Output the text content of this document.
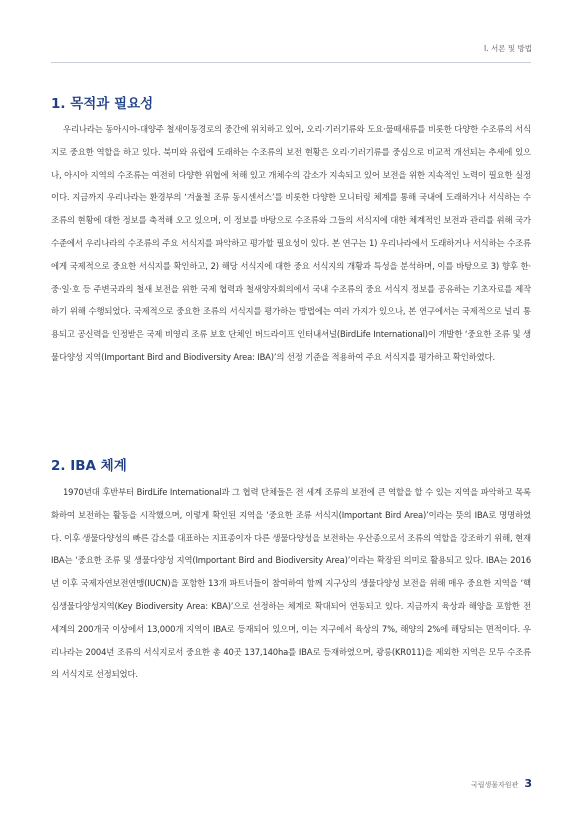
Ⅰ. 서론 및 방법
1. 목적과 필요성

우리나라는 동아시아-대양주 철새이동경로의 중간에 위치하고 있어, 오리·기러기류와 도요·물떼새류를 비롯한 다양한 수조류의 서식지로 중요한 역할을 하고 있다. 북미와 유럽에 도래하는 수조류의 보전 현황은 오리·기러기류를 중심으로 비교적 개선되는 추세에 있으나, 아시아 지역의 수조류는 여전히 다양한 위협에 처해 있고 개체수의 감소가 지속되고 있어 보전을 위한 지속적인 노력이 필요한 실정이다. 지금까지 우리나라는 환경부의 ‘겨울철 조류 동시센서스’를 비롯한 다양한 모니터링 체계를 통해 국내에 도래하거나 서식하는 수조류의 현황에 대한 정보를 축적해 오고 있으며, 이 정보를 바탕으로 수조류와 그들의 서식지에 대한 체계적인 보전과 관리를 위해 국가 수준에서 우리나라의 수조류의 주요 서식지를 파악하고 평가할 필요성이 있다. 본 연구는 1) 우리나라에서 도래하거나 서식하는 수조류에게 국제적으로 중요한 서식지를 확인하고, 2) 해당 서식지에 대한 중요 서식지의 개황과 특성을 분석하며, 이를 바탕으로 3) 향후 한·중·일·호 등 주변국과의 철새 보전을 위한 국제 협력과 철새양자회의에서 국내 수조류의 중요 서식지 정보를 공유하는 기초자료를 제작하기 위해 수행되었다. 국제적으로 중요한 조류의 서식지를 평가하는 방법에는 여러 가지가 있으나, 본 연구에서는 국제적으로 널리 통용되고 공신력을 인정받은 국제 비영리 조류 보호 단체인 버드라이프 인터내셔널(BirdLife International)이 개발한 ‘중요한 조류 및 생물다양성 지역(Important Bird and Biodiversity Area: IBA)’의 선정 기준을 적용하여 주요 서식지를 평가하고 확인하였다.

2. IBA 체계

1970년대 후반부터 BirdLife International과 그 협력 단체들은 전 세계 조류의 보전에 큰 역할을 할 수 있는 지역을 파악하고 목록화하여 보전하는 활동을 시작했으며, 이렇게 확인된 지역을 ‘중요한 조류 서식지(Important Bird Area)’이라는 뜻의 IBA로 명명하였다. 이후 생물다양성의 빠른 감소를 대표하는 지표종이자 다른 생물다양성을 보전하는 우산종으로서 조류의 역할을 강조하기 위해, 현재 IBA는 ‘중요한 조류 및 생물다양성 지역(Important Bird and Biodiversity Area)’이라는 확장된 의미로 활용되고 있다. IBA는 2016년 이후 국제자연보전연맹(IUCN)을 포함한 13개 파트너들이 참여하여 함께 지구상의 생물다양성 보전을 위해 매우 중요한 지역을 ‘핵심생물다양성지역(Key Biodiversity Area: KBA)’으로 선정하는 체계로 확대되어 연동되고 있다. 지금까지 육상과 해양을 포함한 전 세계의 200개국 이상에서 13,000개 지역이 IBA로 등재되어 있으며, 이는 지구에서 육상의 7%, 해양의 2%에 해당되는 면적이다. 우리나라는 2004년 조류의 서식지로서 중요한 총 40곳 137,140ha를 IBA로 등재하였으며, 광릉(KR011)을 제외한 지역은 모두 수조류의 서식지로 선정되었다.

국립생물자원관 3
